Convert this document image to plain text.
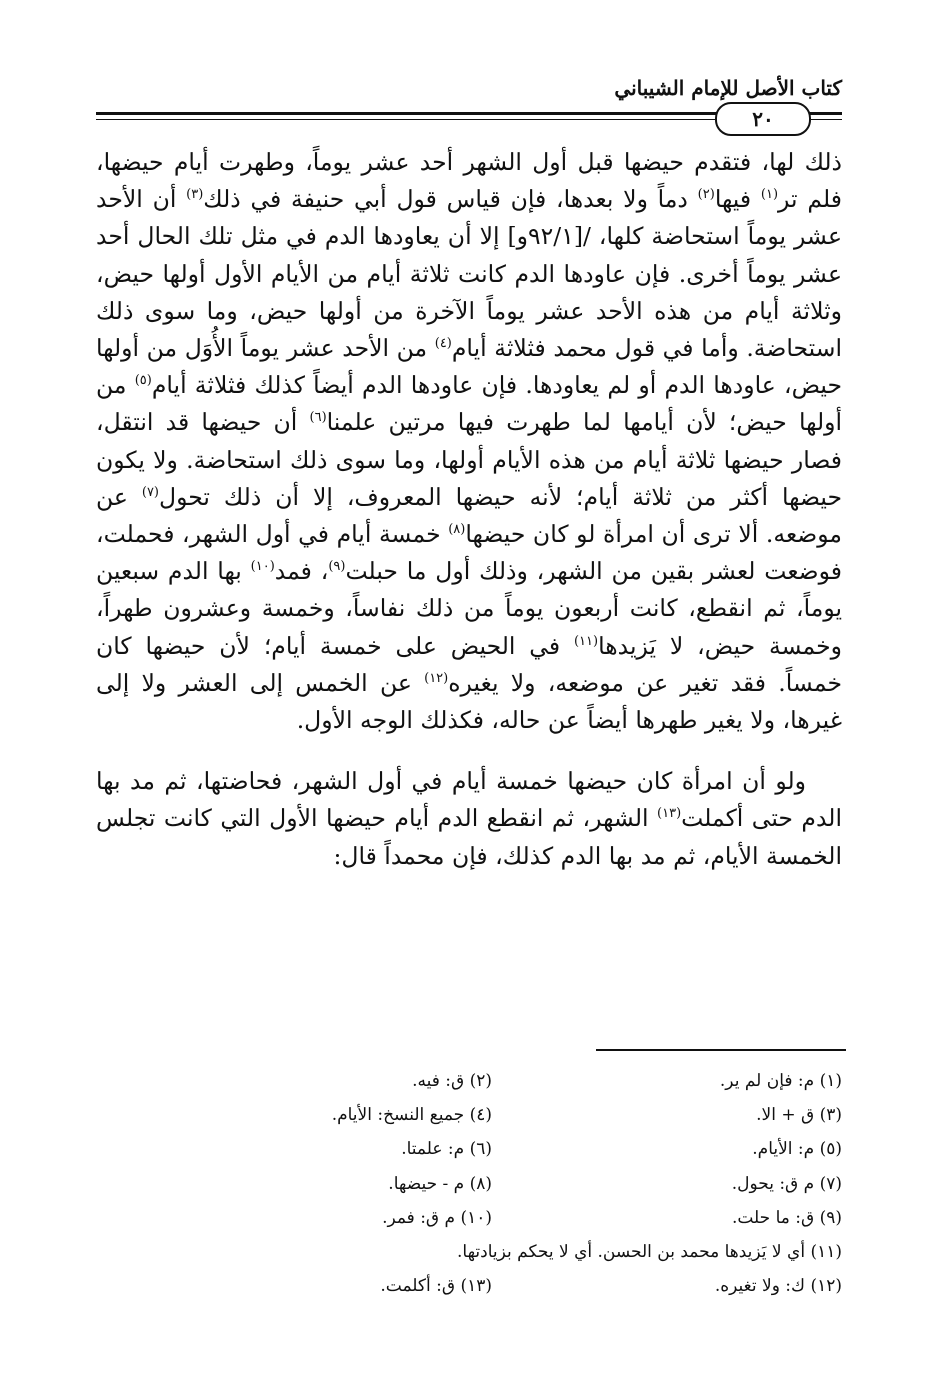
كتاب الأصل للإمام الشيباني
٢٠

ذلك لها، فتقدم حيضها قبل أول الشهر أحد عشر يوماً، وطهرت أيام حيضها، فلم تر$^{(١)}$ فيها$^{(٢)}$ دماً ولا بعدها، فإن قياس قول أبي حنيفة في ذلك$^{(٣)}$ أن الأحد عشر يوماً استحاضة كلها، /[٩٢/١و] إلا أن يعاودها الدم في مثل تلك الحال أحد عشر يوماً أخرى. فإن عاودها الدم كانت ثلاثة أيام من الأيام الأول أولها حيض، وثلاثة أيام من هذه الأحد عشر يوماً الآخرة من أولها حيض، وما سوى ذلك استحاضة. وأما في قول محمد فثلاثة أيام$^{(٤)}$ من الأحد عشر يوماً الأُوَل من أولها حيض، عاودها الدم أو لم يعاودها. فإن عاودها الدم أيضاً كذلك فثلاثة أيام$^{(٥)}$ من أولها حيض؛ لأن أيامها لما طهرت فيها مرتين علمنا$^{(٦)}$ أن حيضها قد انتقل، فصار حيضها ثلاثة أيام من هذه الأيام أولها، وما سوى ذلك استحاضة. ولا يكون حيضها أكثر من ثلاثة أيام؛ لأنه حيضها المعروف، إلا أن ذلك تحول$^{(٧)}$ عن موضعه. ألا ترى أن امرأة لو كان حيضها$^{(٨)}$ خمسة أيام في أول الشهر، فحملت، فوضعت لعشر بقين من الشهر، وذلك أول ما حبلت$^{(٩)}$، فمد$^{(١٠)}$ بها الدم سبعين يوماً، ثم انقطع، كانت أربعون يوماً من ذلك نفاساً، وخمسة وعشرون طهراً، وخمسة حيض، لا يَزيدها$^{(١١)}$ في الحيض على خمسة أيام؛ لأن حيضها كان خمساً. فقد تغير عن موضعه، ولا يغيره$^{(١٢)}$ عن الخمس إلى العشر ولا إلى غيرها، ولا يغير طهرها أيضاً عن حاله، فكذلك الوجه الأول.

ولو أن امرأة كان حيضها خمسة أيام في أول الشهر، فحاضتها، ثم مد بها الدم حتى أكملت$^{(١٣)}$ الشهر، ثم انقطع الدم أيام حيضها الأول التي كانت تجلس الخمسة الأيام، ثم مد بها الدم كذلك، فإن محمداً قال:

(١) م: فإن لم ير.
(٢) ق: فيه.
(٣) ق + الا.
(٤) جميع النسخ: الأيام.
(٥) م: الأيام.
(٦) م: علمتا.
(٧) م ق: يحول.
(٨) م - حيضها.
(٩) ق: ما حلت.
(١٠) م ق: فمر.
(١١) أي لا يَزيدها محمد بن الحسن. أي لا يحكم بزيادتها.
(١٢) ك: ولا تغيره.
(١٣) ق: أكلمت.
